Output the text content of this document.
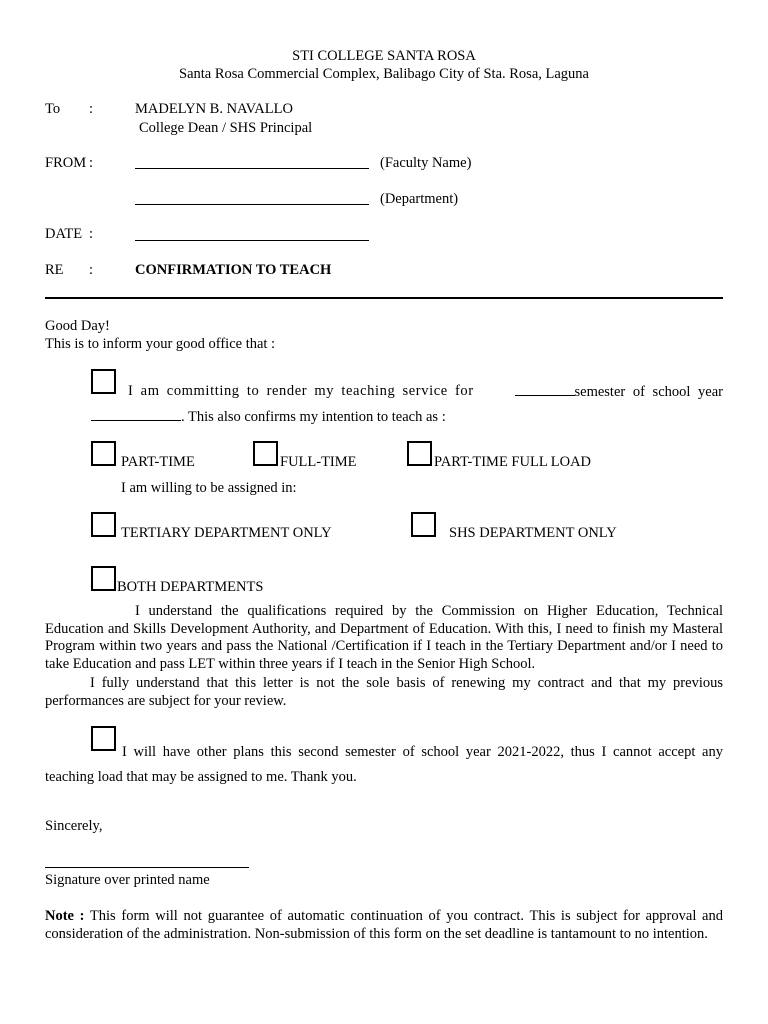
STI COLLEGE SANTA ROSA
Santa Rosa Commercial Complex, Balibago City of Sta. Rosa, Laguna
To :	MADELYN B. NAVALLO
College Dean / SHS Principal
FROM :	(Faculty Name)
(Department)
DATE :
RE :	CONFIRMATION TO TEACH
Good Day!
This is to inform your good office that :
I am committing to render my teaching service for	semester of school year
. This also confirms my intention to teach as :
PART-TIME	FULL-TIME	PART-TIME FULL LOAD
I am willing to be assigned in:
TERTIARY DEPARTMENT ONLY	SHS DEPARTMENT ONLY
BOTH DEPARTMENTS
I understand the qualifications required by the Commission on Higher Education, Technical Education and Skills Development Authority, and Department of Education. With this, I need to finish my Masteral Program within two years and pass the National /Certification if I teach in the Tertiary Department and/or I need to take Education and pass LET within three years if I teach in the Senior High School.
I fully understand that this letter is not the sole basis of renewing my contract and that my previous performances are subject for your review.
I will have other plans this second semester of school year 2021-2022, thus I cannot accept any teaching load that may be assigned to me. Thank you.
Sincerely,
Signature over printed name
Note : This form will not guarantee of automatic continuation of you contract. This is subject for approval and consideration of the administration. Non-submission of this form on the set deadline is tantamount to no intention.
